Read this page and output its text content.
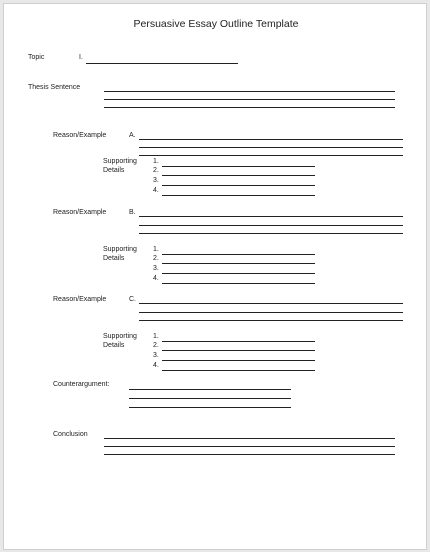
Persuasive Essay Outline Template
Topic	I.
Thesis Sentence
Reason/Example	A.
Supporting
Details
1.
2.
3.
4.
Reason/Example	B.
Supporting
Details
1.
2.
3.
4.
Reason/Example	C.
Supporting
Details
1.
2.
3.
4.
Counterargument:
Conclusion
